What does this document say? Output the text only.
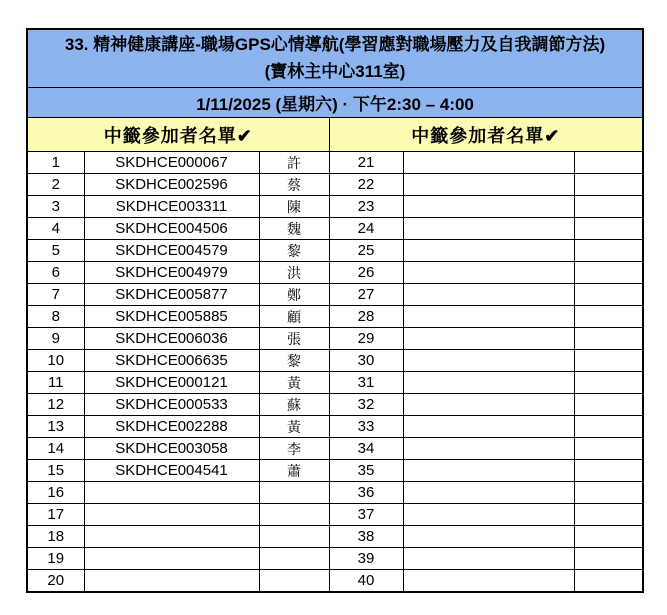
33. 精神健康講座-職場GPS心情導航(學習應對職場壓力及自我調節方法)
(寶林主中心311室)					

1/11/2025 (星期六) · 下午2:30 – 4:00					
中籤參加者名單✔			中籤參加者名單✔		
1	SKDHCE000067	許	21		
2	SKDHCE002596	蔡	22		
3	SKDHCE003311	陳	23		
4	SKDHCE004506	魏	24		
5	SKDHCE004579	黎	25		
6	SKDHCE004979	洪	26		
7	SKDHCE005877	鄭	27		
8	SKDHCE005885	顧	28		
9	SKDHCE006036	張	29		
10	SKDHCE006635	黎	30		
11	SKDHCE000121	黃	31		
12	SKDHCE000533	蘇	32		
13	SKDHCE002288	黃	33		
14	SKDHCE003058	李	34		
15	SKDHCE004541	蕭	35		
16			36		
17			37		
18			38		
19			39		
20			40		
